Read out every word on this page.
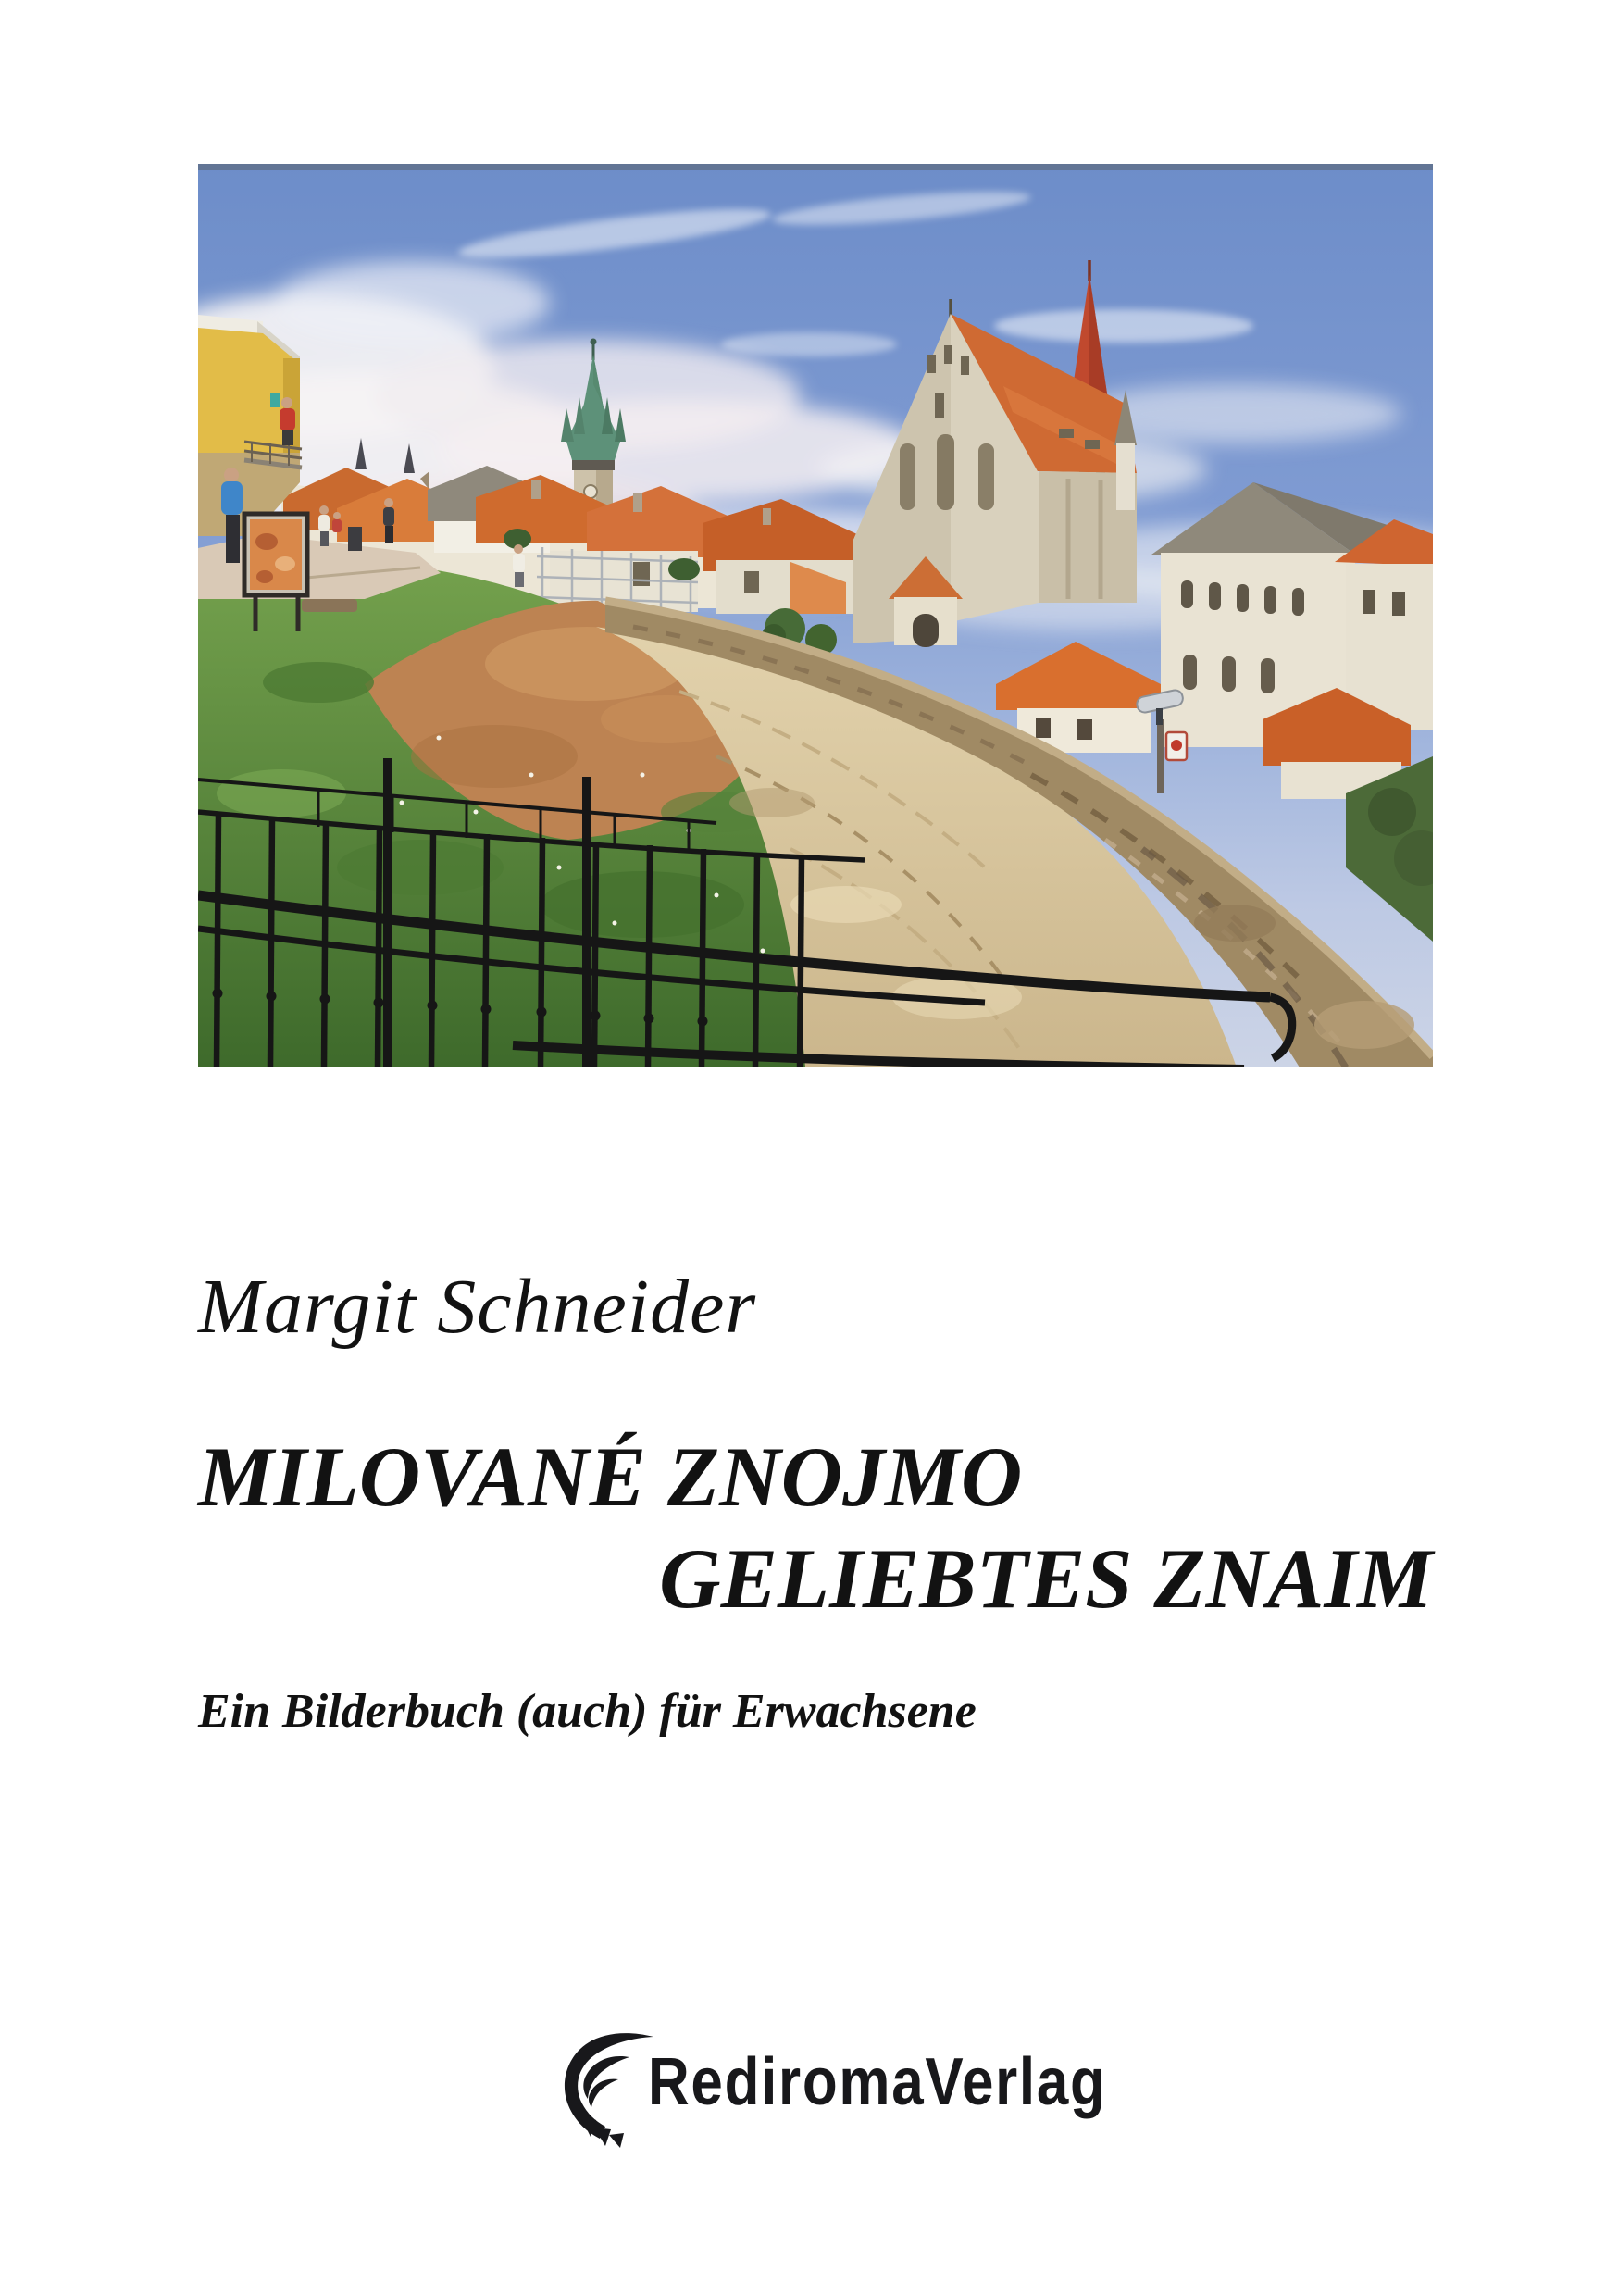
Margit Schneider
MILOVANÉ ZNOJMO
GELIEBTES ZNAIM
Ein Bilderbuch (auch) für Erwachsene
RediromaVerlag
